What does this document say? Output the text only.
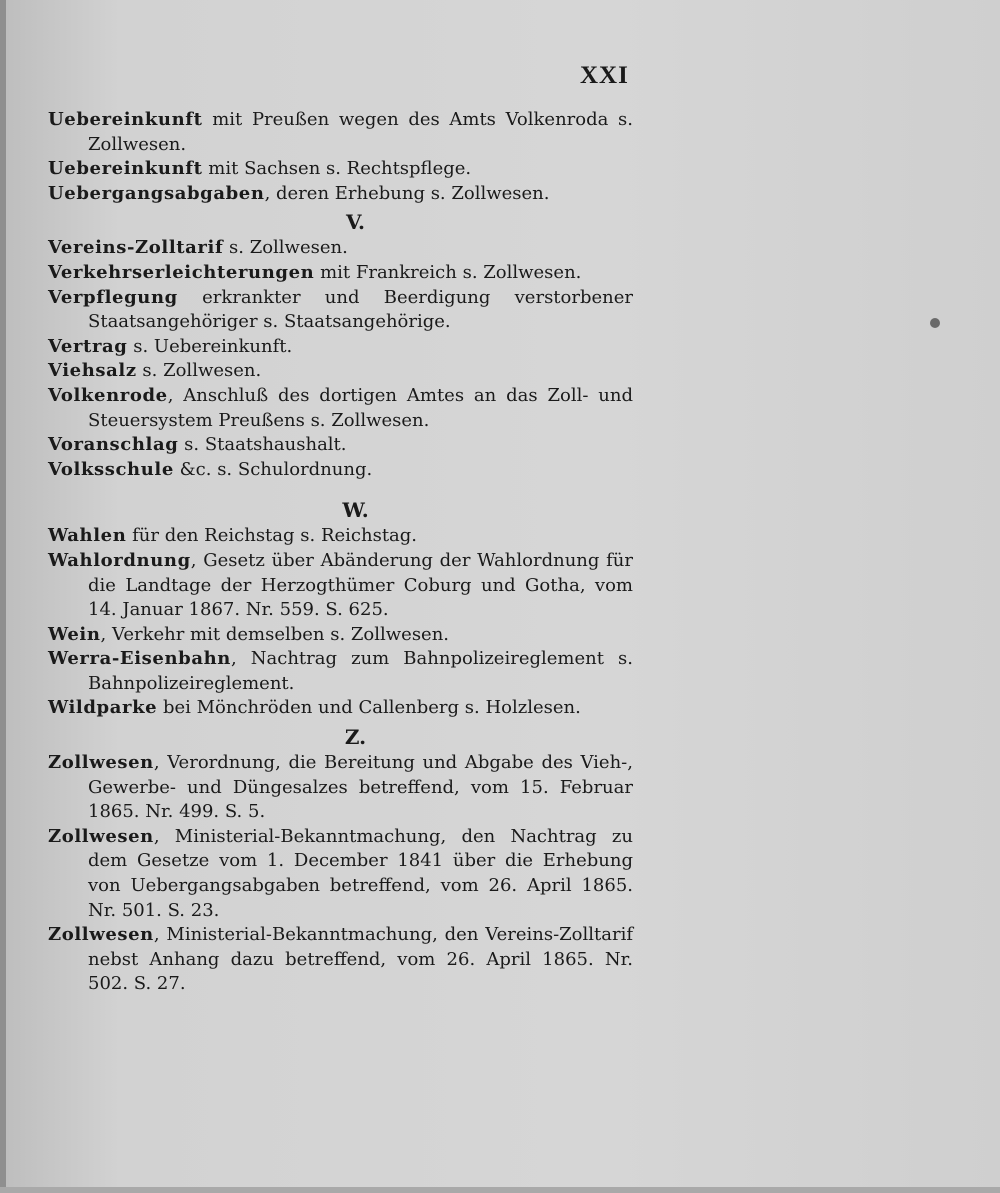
XXI

Uebereinkunft mit Preußen wegen des Amts Volkenroda s. Zollwesen.

Uebereinkunft mit Sachsen s. Rechtspflege.

Uebergangsabgaben, deren Erhebung s. Zollwesen.

V.

Vereins-Zolltarif s. Zollwesen.

Verkehrserleichterungen mit Frankreich s. Zollwesen.

Verpflegung erkrankter und Beerdigung verstorbener Staatsangehöriger s. Staatsangehörige.

Vertrag s. Uebereinkunft.

Viehsalz s. Zollwesen.

Volkenrode, Anschluß des dortigen Amtes an das Zoll- und Steuersystem Preußens s. Zollwesen.

Voranschlag s. Staatshaushalt.

Volksschule &c. s. Schulordnung.

W.

Wahlen für den Reichstag s. Reichstag.

Wahlordnung, Gesetz über Abänderung der Wahlordnung für die Landtage der Herzogthümer Coburg und Gotha, vom 14. Januar 1867. Nr. 559. S. 625.

Wein, Verkehr mit demselben s. Zollwesen.

Werra-Eisenbahn, Nachtrag zum Bahnpolizeireglement s. Bahnpolizeireglement.

Wildparke bei Mönchröden und Callenberg s. Holzlesen.

Z.

Zollwesen, Verordnung, die Bereitung und Abgabe des Vieh-, Gewerbe- und Düngesalzes betreffend, vom 15. Februar 1865. Nr. 499. S. 5.

Zollwesen, Ministerial-Bekanntmachung, den Nachtrag zu dem Gesetze vom 1. December 1841 über die Erhebung von Uebergangsabgaben betreffend, vom 26. April 1865. Nr. 501. S. 23.

Zollwesen, Ministerial-Bekanntmachung, den Vereins-Zolltarif nebst Anhang dazu betreffend, vom 26. April 1865. Nr. 502. S. 27.
